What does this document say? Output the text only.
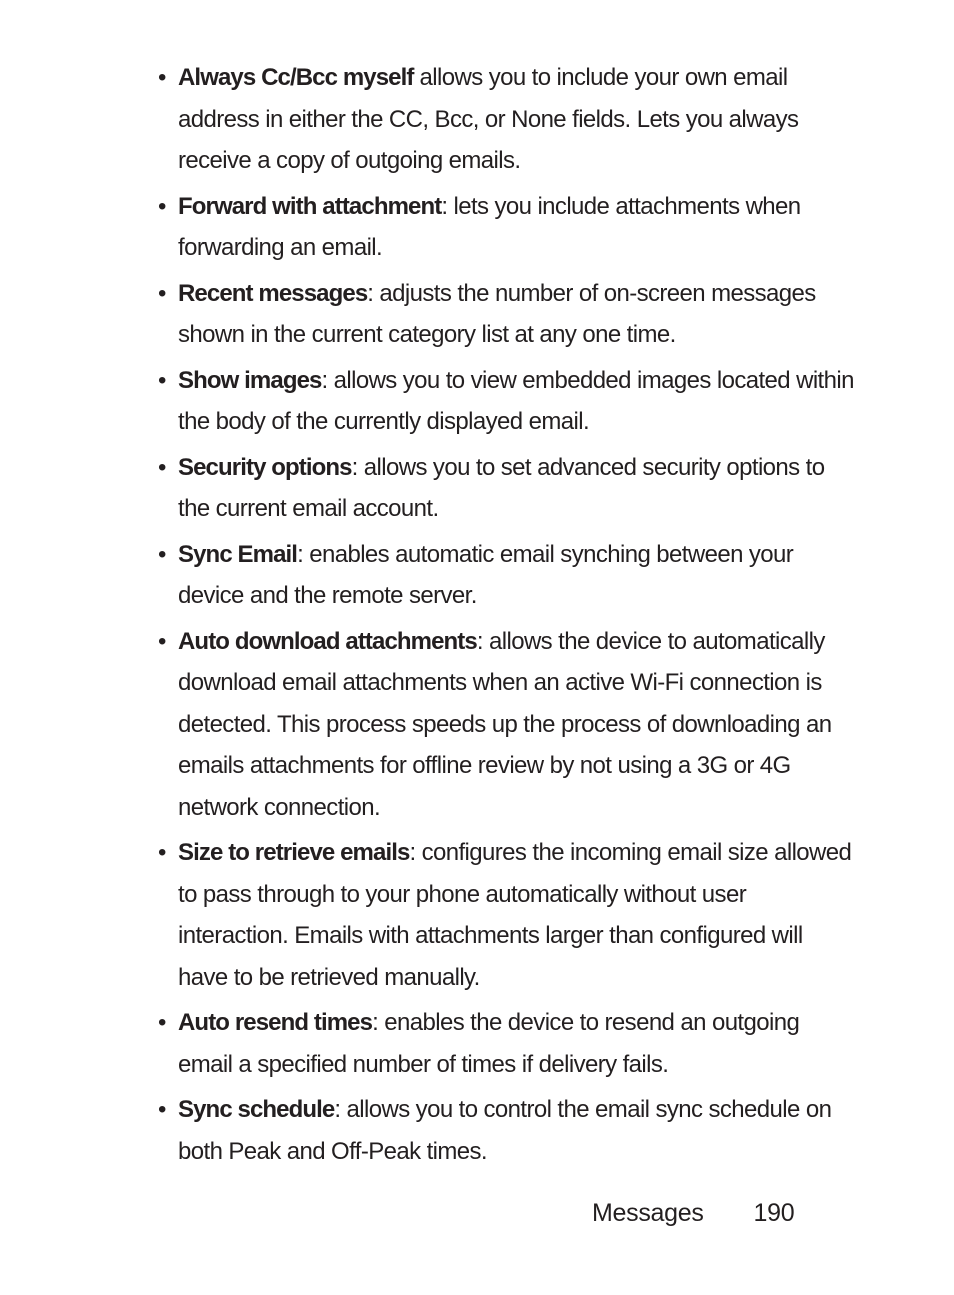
• Always Cc/Bcc myself allows you to include your own email address in either the CC, Bcc, or None fields. Lets you always receive a copy of outgoing emails.
• Forward with attachment: lets you include attachments when forwarding an email.
• Recent messages: adjusts the number of on-screen messages shown in the current category list at any one time.
• Show images: allows you to view embedded images located within the body of the currently displayed email.
• Security options: allows you to set advanced security options to the current email account.
• Sync Email: enables automatic email synching between your device and the remote server.
• Auto download attachments: allows the device to automatically download email attachments when an active Wi-Fi connection is detected. This process speeds up the process of downloading an emails attachments for offline review by not using a 3G or 4G network connection.
• Size to retrieve emails: configures the incoming email size allowed to pass through to your phone automatically without user interaction. Emails with attachments larger than configured will have to be retrieved manually.
• Auto resend times: enables the device to resend an outgoing email a specified number of times if delivery fails.
• Sync schedule: allows you to control the email sync schedule on both Peak and Off-Peak times.
Messages 190
